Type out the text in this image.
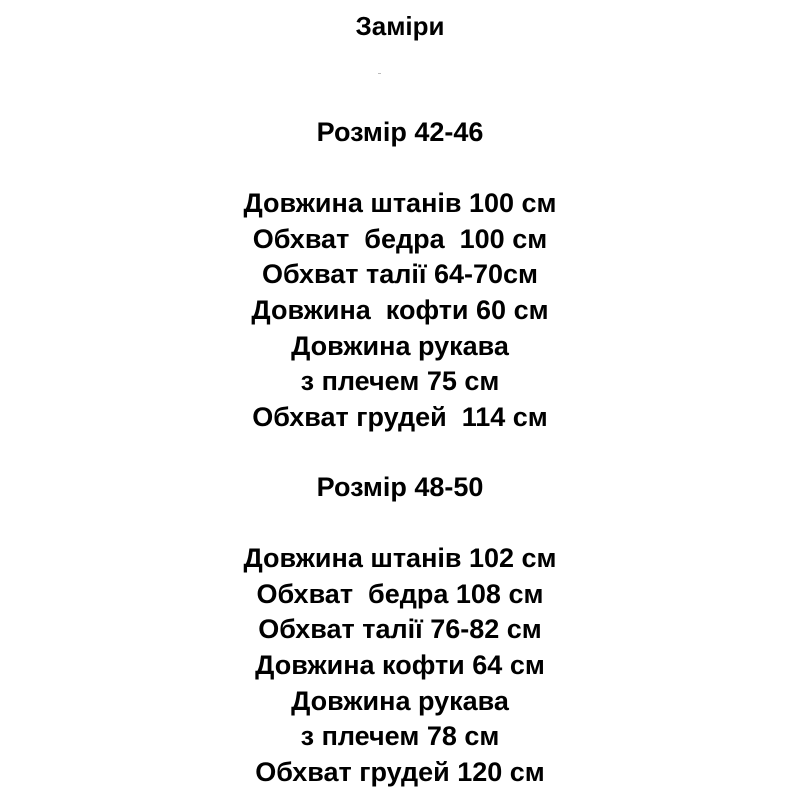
Заміри
Розмір 42-46
Довжина штанів 100 см
Обхват  бедра  100 см
Обхват талії 64-70см
Довжина  кофти 60 см
Довжина рукава
з плечем 75 см
Обхват грудей  114 см
Розмір 48-50
Довжина штанів 102 см
Обхват  бедра 108 см
Обхват талії 76-82 см
Довжина кофти 64 см
Довжина рукава
з плечем 78 см
Обхват грудей 120 см
